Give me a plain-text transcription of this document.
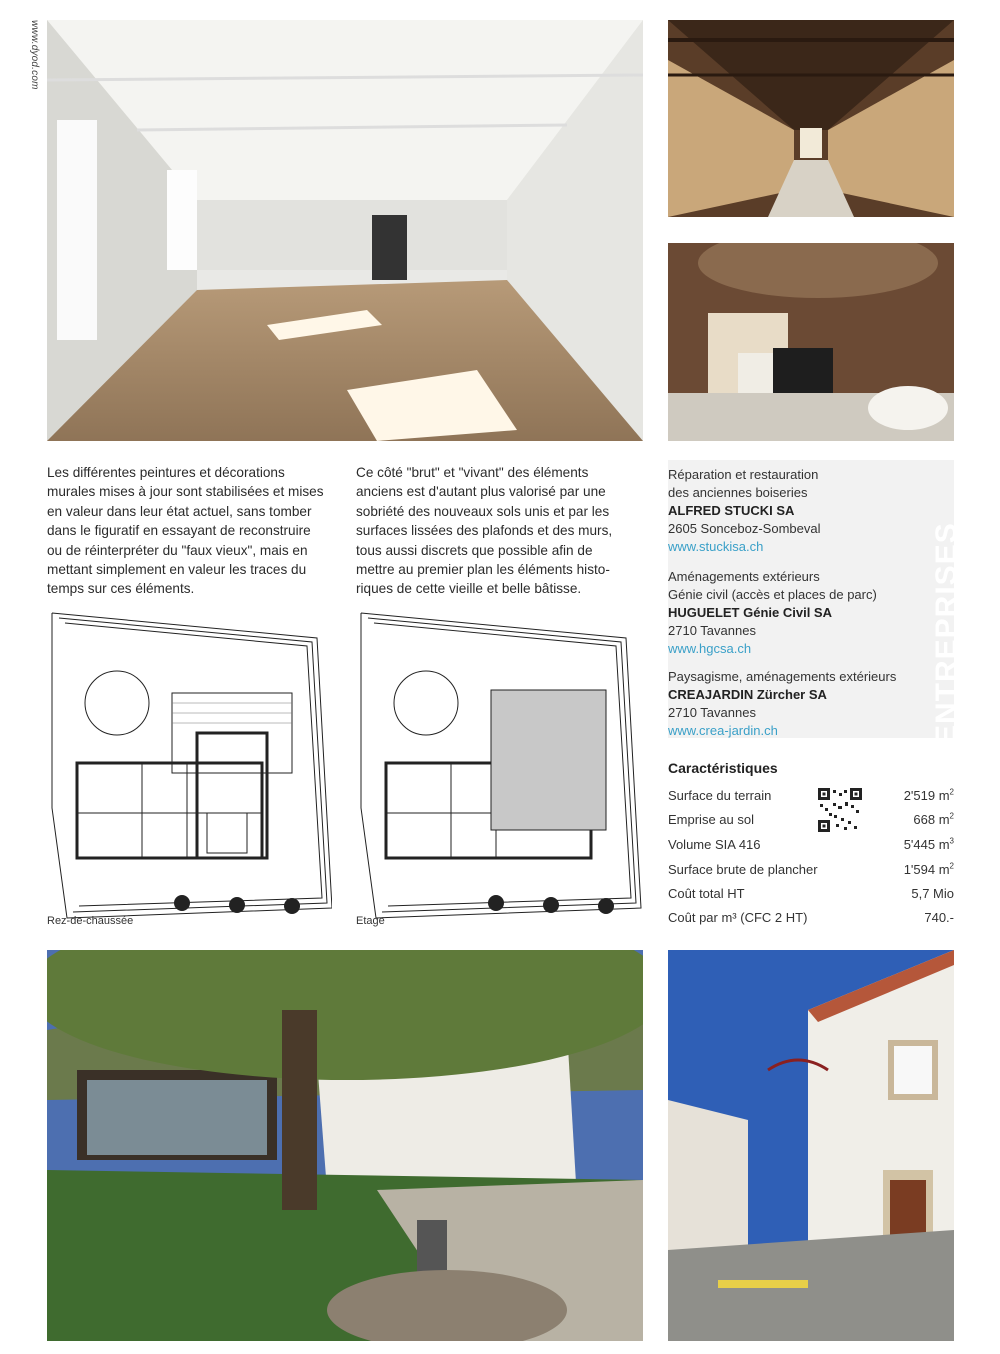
www.dyod.com
Les différentes peintures et décorations
murales mises à jour sont stabilisées et mises
en valeur dans leur état actuel, sans tomber
dans le figuratif en essayant de reconstruire
ou de réinterpréter du "faux vieux", mais en
mettant simplement en valeur les traces du
temps sur ces éléments.
Ce côté "brut" et "vivant" des éléments
anciens est d'autant plus valorisé par une
sobriété des nouveaux sols unis et par les
surfaces lissées des plafonds et des murs,
tous aussi discrets que possible afin de
mettre au premier plan les éléments histo-
riques de cette vieille et belle bâtisse.
Rez-de-chaussée	Etage
ENTREPRISES
Réparation et restauration
des anciennes boiseries
ALFRED STUCKI SA
2605 Sonceboz-Sombeval
www.stuckisa.ch
Aménagements extérieurs
Génie civil (accès et places de parc)
HUGUELET Génie Civil SA
2710 Tavannes
www.hgcsa.ch
Paysagisme, aménagements extérieurs
CREAJARDIN Zürcher SA
2710 Tavannes
www.crea-jardin.ch
Caractéristiques
Surface du terrain	2'519 $m^2$
Emprise au sol	668 $m^2$
Volume SIA 416	5'445 $m^3$
Surface brute de plancher	1'594 $m^2$
Coût total HT	5,7 Mio
Coût par m³ (CFC 2 HT)	740.-
